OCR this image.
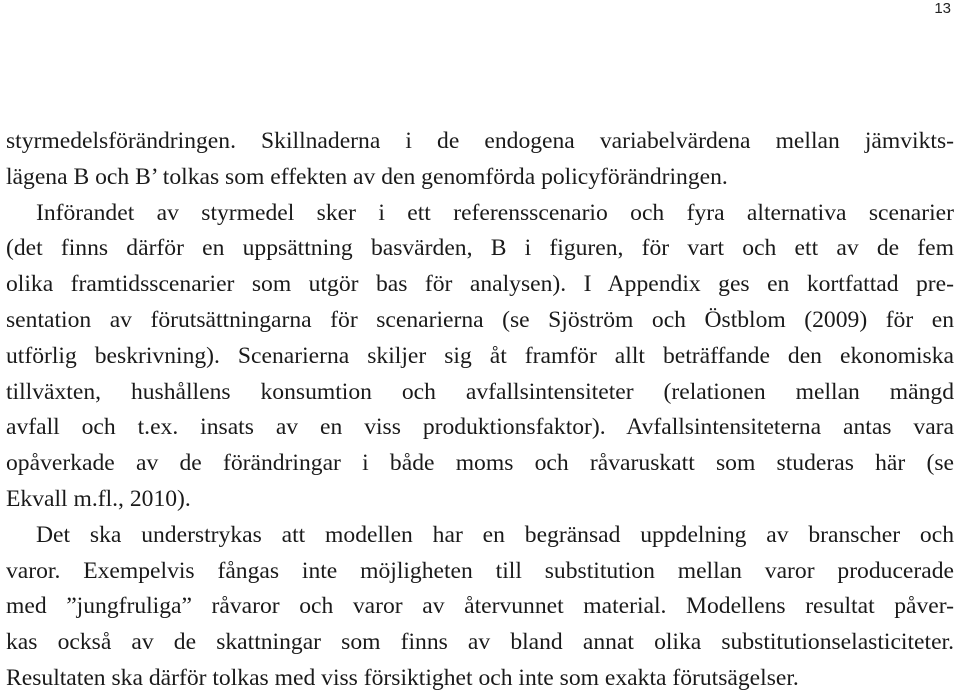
13
styrmedelsförändringen. Skillnaderna i de endogena variabelvärdena mellan jämvikts-
lägena B och B’ tolkas som effekten av den genomförda policyförändringen.
Införandet av styrmedel sker i ett referensscenario och fyra alternativa scenarier
(det finns därför en uppsättning basvärden, B i figuren, för vart och ett av de fem
olika framtidsscenarier som utgör bas för analysen). I Appendix ges en kortfattad pre-
sentation av förutsättningarna för scenarierna (se Sjöström och Östblom (2009) för en
utförlig beskrivning). Scenarierna skiljer sig åt framför allt beträffande den ekonomiska
tillväxten, hushållens konsumtion och avfallsintensiteter (relationen mellan mängd
avfall och t.ex. insats av en viss produktionsfaktor). Avfallsintensiteterna antas vara
opåverkade av de förändringar i både moms och råvaruskatt som studeras här (se
Ekvall m.fl., 2010).
Det ska understrykas att modellen har en begränsad uppdelning av branscher och
varor. Exempelvis fångas inte möjligheten till substitution mellan varor producerade
med ”jungfruliga” råvaror och varor av återvunnet material. Modellens resultat påver-
kas också av de skattningar som finns av bland annat olika substitutionselasticiteter.
Resultaten ska därför tolkas med viss försiktighet och inte som exakta förutsägelser.
